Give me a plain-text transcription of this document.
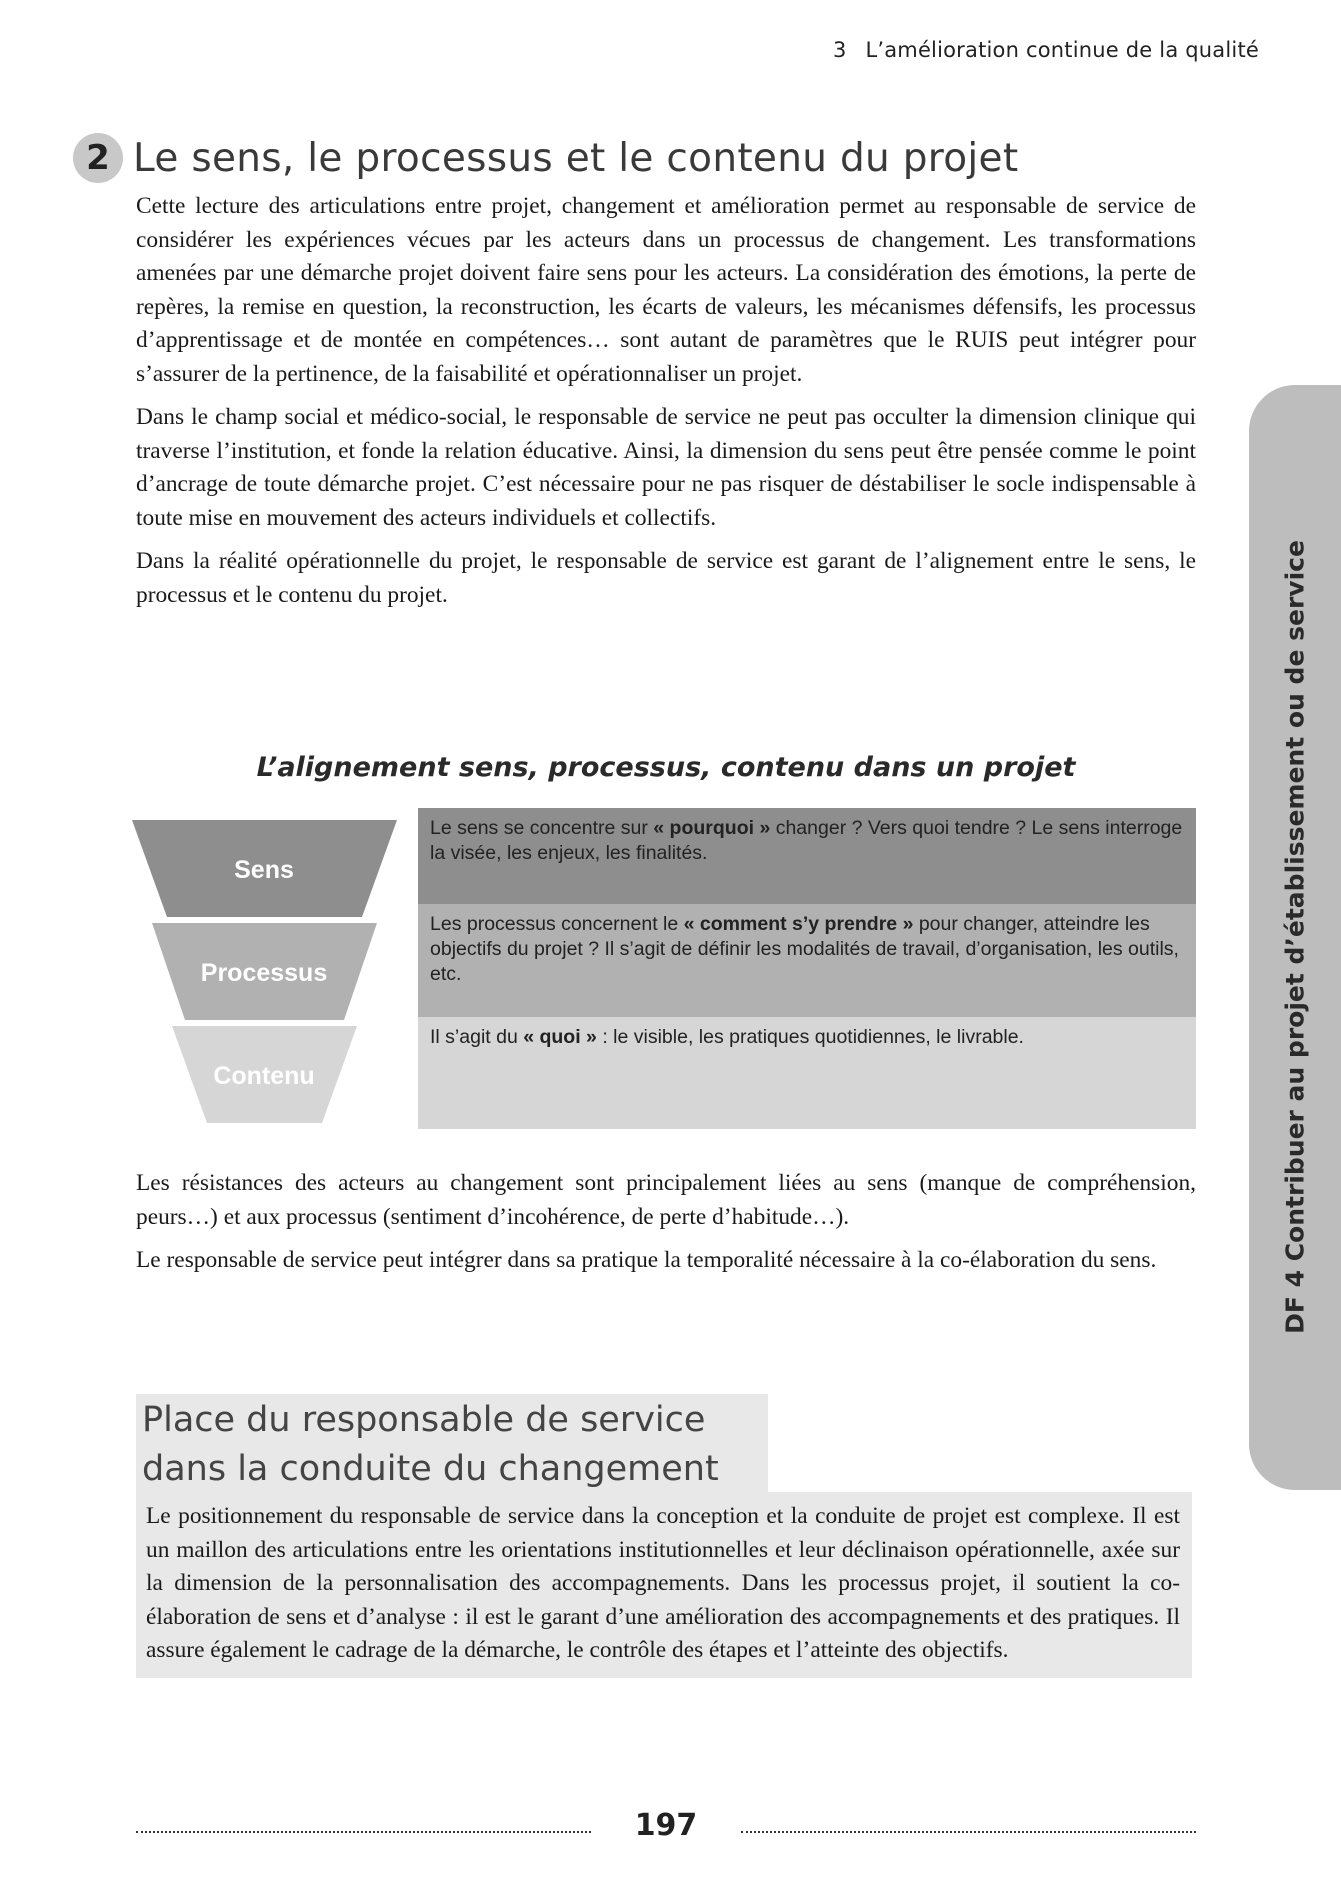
3 L’amélioration continue de la qualité
2 Le sens, le processus et le contenu du projet

Cette lecture des articulations entre projet, changement et amélioration permet au responsable de service de considérer les expériences vécues par les acteurs dans un processus de changement. Les transformations amenées par une démarche projet doivent faire sens pour les acteurs. La considération des émotions, la perte de repères, la remise en question, la reconstruction, les écarts de valeurs, les mécanismes défensifs, les processus d’apprentissage et de montée en compétences… sont autant de paramètres que le RUIS peut intégrer pour s’assurer de la pertinence, de la faisabilité et opérationnaliser un projet.

Dans le champ social et médico-social, le responsable de service ne peut pas occulter la dimension clinique qui traverse l’institution, et fonde la relation éducative. Ainsi, la dimension du sens peut être pensée comme le point d’ancrage de toute démarche projet. C’est nécessaire pour ne pas risquer de déstabiliser le socle indispensable à toute mise en mouvement des acteurs individuels et collectifs.

Dans la réalité opérationnelle du projet, le responsable de service est garant de l’alignement entre le sens, le processus et le contenu du projet.

L’alignement sens, processus, contenu dans un projet
Sens
Processus
Contenu
Le sens se concentre sur « pourquoi » changer ? Vers quoi tendre ? Le sens interroge la visée, les enjeux, les finalités.
Les processus concernent le « comment s’y prendre » pour changer, atteindre les objectifs du projet ? Il s’agit de définir les modalités de travail, d’organisation, les outils, etc.
Il s’agit du « quoi » : le visible, les pratiques quotidiennes, le livrable.

Les résistances des acteurs au changement sont principalement liées au sens (manque de compréhension, peurs…) et aux processus (sentiment d’incohérence, de perte d’habitude…).

Le responsable de service peut intégrer dans sa pratique la temporalité nécessaire à la co-élaboration du sens.

Place du responsable de service
dans la conduite du changement
Le positionnement du responsable de service dans la conception et la conduite de projet est complexe. Il est un maillon des articulations entre les orientations institutionnelles et leur déclinaison opérationnelle, axée sur la dimension de la personnalisation des accompagnements. Dans les processus projet, il soutient la co-élaboration de sens et d’analyse : il est le garant d’une amélioration des accompagnements et des pratiques. Il assure également le cadrage de la démarche, le contrôle des étapes et l’atteinte des objectifs.
DF 4 Contribuer au projet d’établissement ou de service
197
